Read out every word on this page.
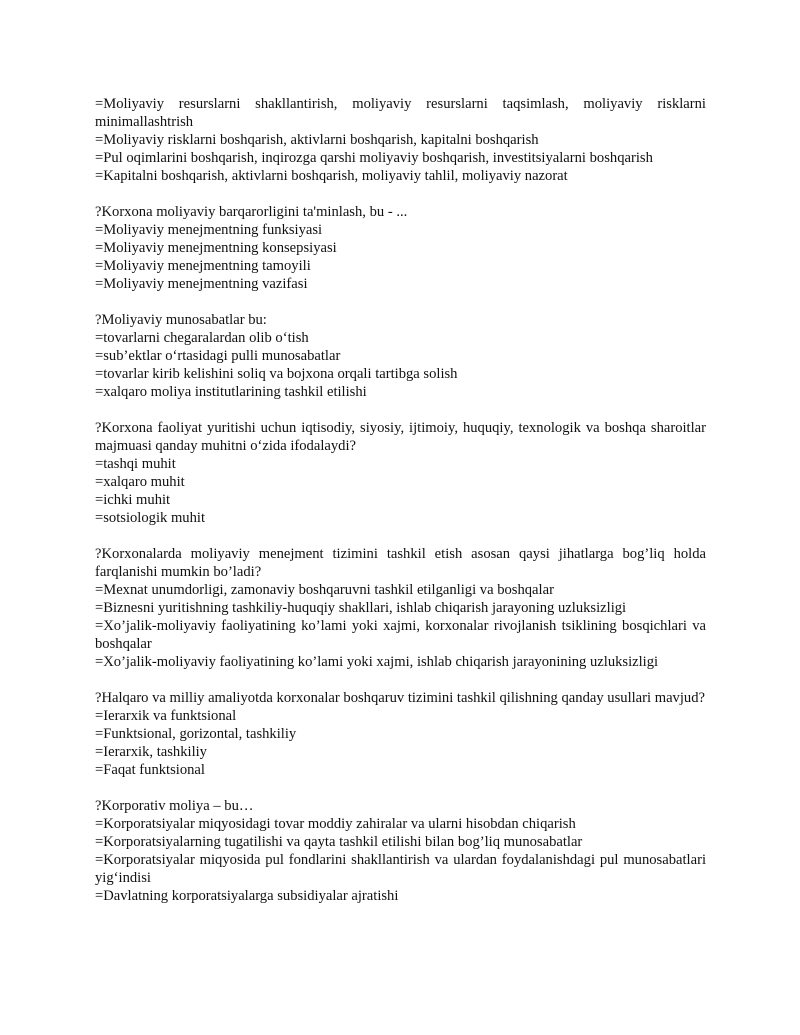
=Moliyaviy resurslarni shakllantirish, moliyaviy resurslarni taqsimlash, moliyaviy risklarni minimallashtrish

=Moliyaviy risklarni boshqarish, aktivlarni boshqarish, kapitalni boshqarish

=Pul oqimlarini boshqarish, inqirozga qarshi moliyaviy boshqarish, investitsiyalarni boshqarish

=Kapitalni boshqarish, aktivlarni boshqarish, moliyaviy tahlil, moliyaviy nazorat

?Korxona moliyaviy barqarorligini ta'minlash, bu - ...

=Moliyaviy menejmentning funksiyasi

=Moliyaviy menejmentning konsepsiyasi

=Moliyaviy menejmentning tamoyili

=Moliyaviy menejmentning vazifasi

?Moliyaviy munosabatlar bu:

=tovarlarni chegaralardan olib oʻtish

=sub’ektlar oʻrtasidagi pulli munosabatlar

=tovarlar kirib kelishini soliq va bojxona orqali tartibga solish

=xalqaro moliya institutlarining tashkil etilishi

?Korxona faoliyat yuritishi uchun iqtisodiy, siyosiy, ijtimoiy, huquqiy, texnologik va boshqa sharoitlar majmuasi qanday muhitni oʻzida ifodalaydi?

=tashqi muhit

=xalqaro muhit

=ichki muhit

=sotsiologik muhit

?Korxonalarda moliyaviy menejment tizimini tashkil etish asosan qaysi jihatlarga bog’liq holda farqlanishi mumkin bo’ladi?

=Mexnat unumdorligi, zamonaviy boshqaruvni tashkil etilganligi va boshqalar

=Biznesni yuritishning tashkiliy-huquqiy shakllari, ishlab chiqarish jarayoning uzluksizligi

=Xo’jalik-moliyaviy faoliyatining ko’lami yoki xajmi, korxonalar rivojlanish tsiklining bosqichlari va boshqalar

=Xo’jalik-moliyaviy faoliyatining ko’lami yoki xajmi, ishlab chiqarish jarayonining uzluksizligi

?Halqaro va milliy amaliyotda korxonalar boshqaruv tizimini tashkil qilishning qanday usullari mavjud?

=Ierarxik va funktsional

=Funktsional, gorizontal, tashkiliy

=Ierarxik, tashkiliy

=Faqat funktsional

?Korporativ moliya – bu…

=Korporatsiyalar miqyosidagi tovar moddiy zahiralar va ularni hisobdan chiqarish

=Korporatsiyalarning tugatilishi va qayta tashkil etilishi bilan bog’liq munosabatlar

=Korporatsiyalar miqyosida pul fondlarini shakllantirish va ulardan foydalanishdagi pul munosabatlari yigʻindisi

=Davlatning korporatsiyalarga subsidiyalar ajratishi
